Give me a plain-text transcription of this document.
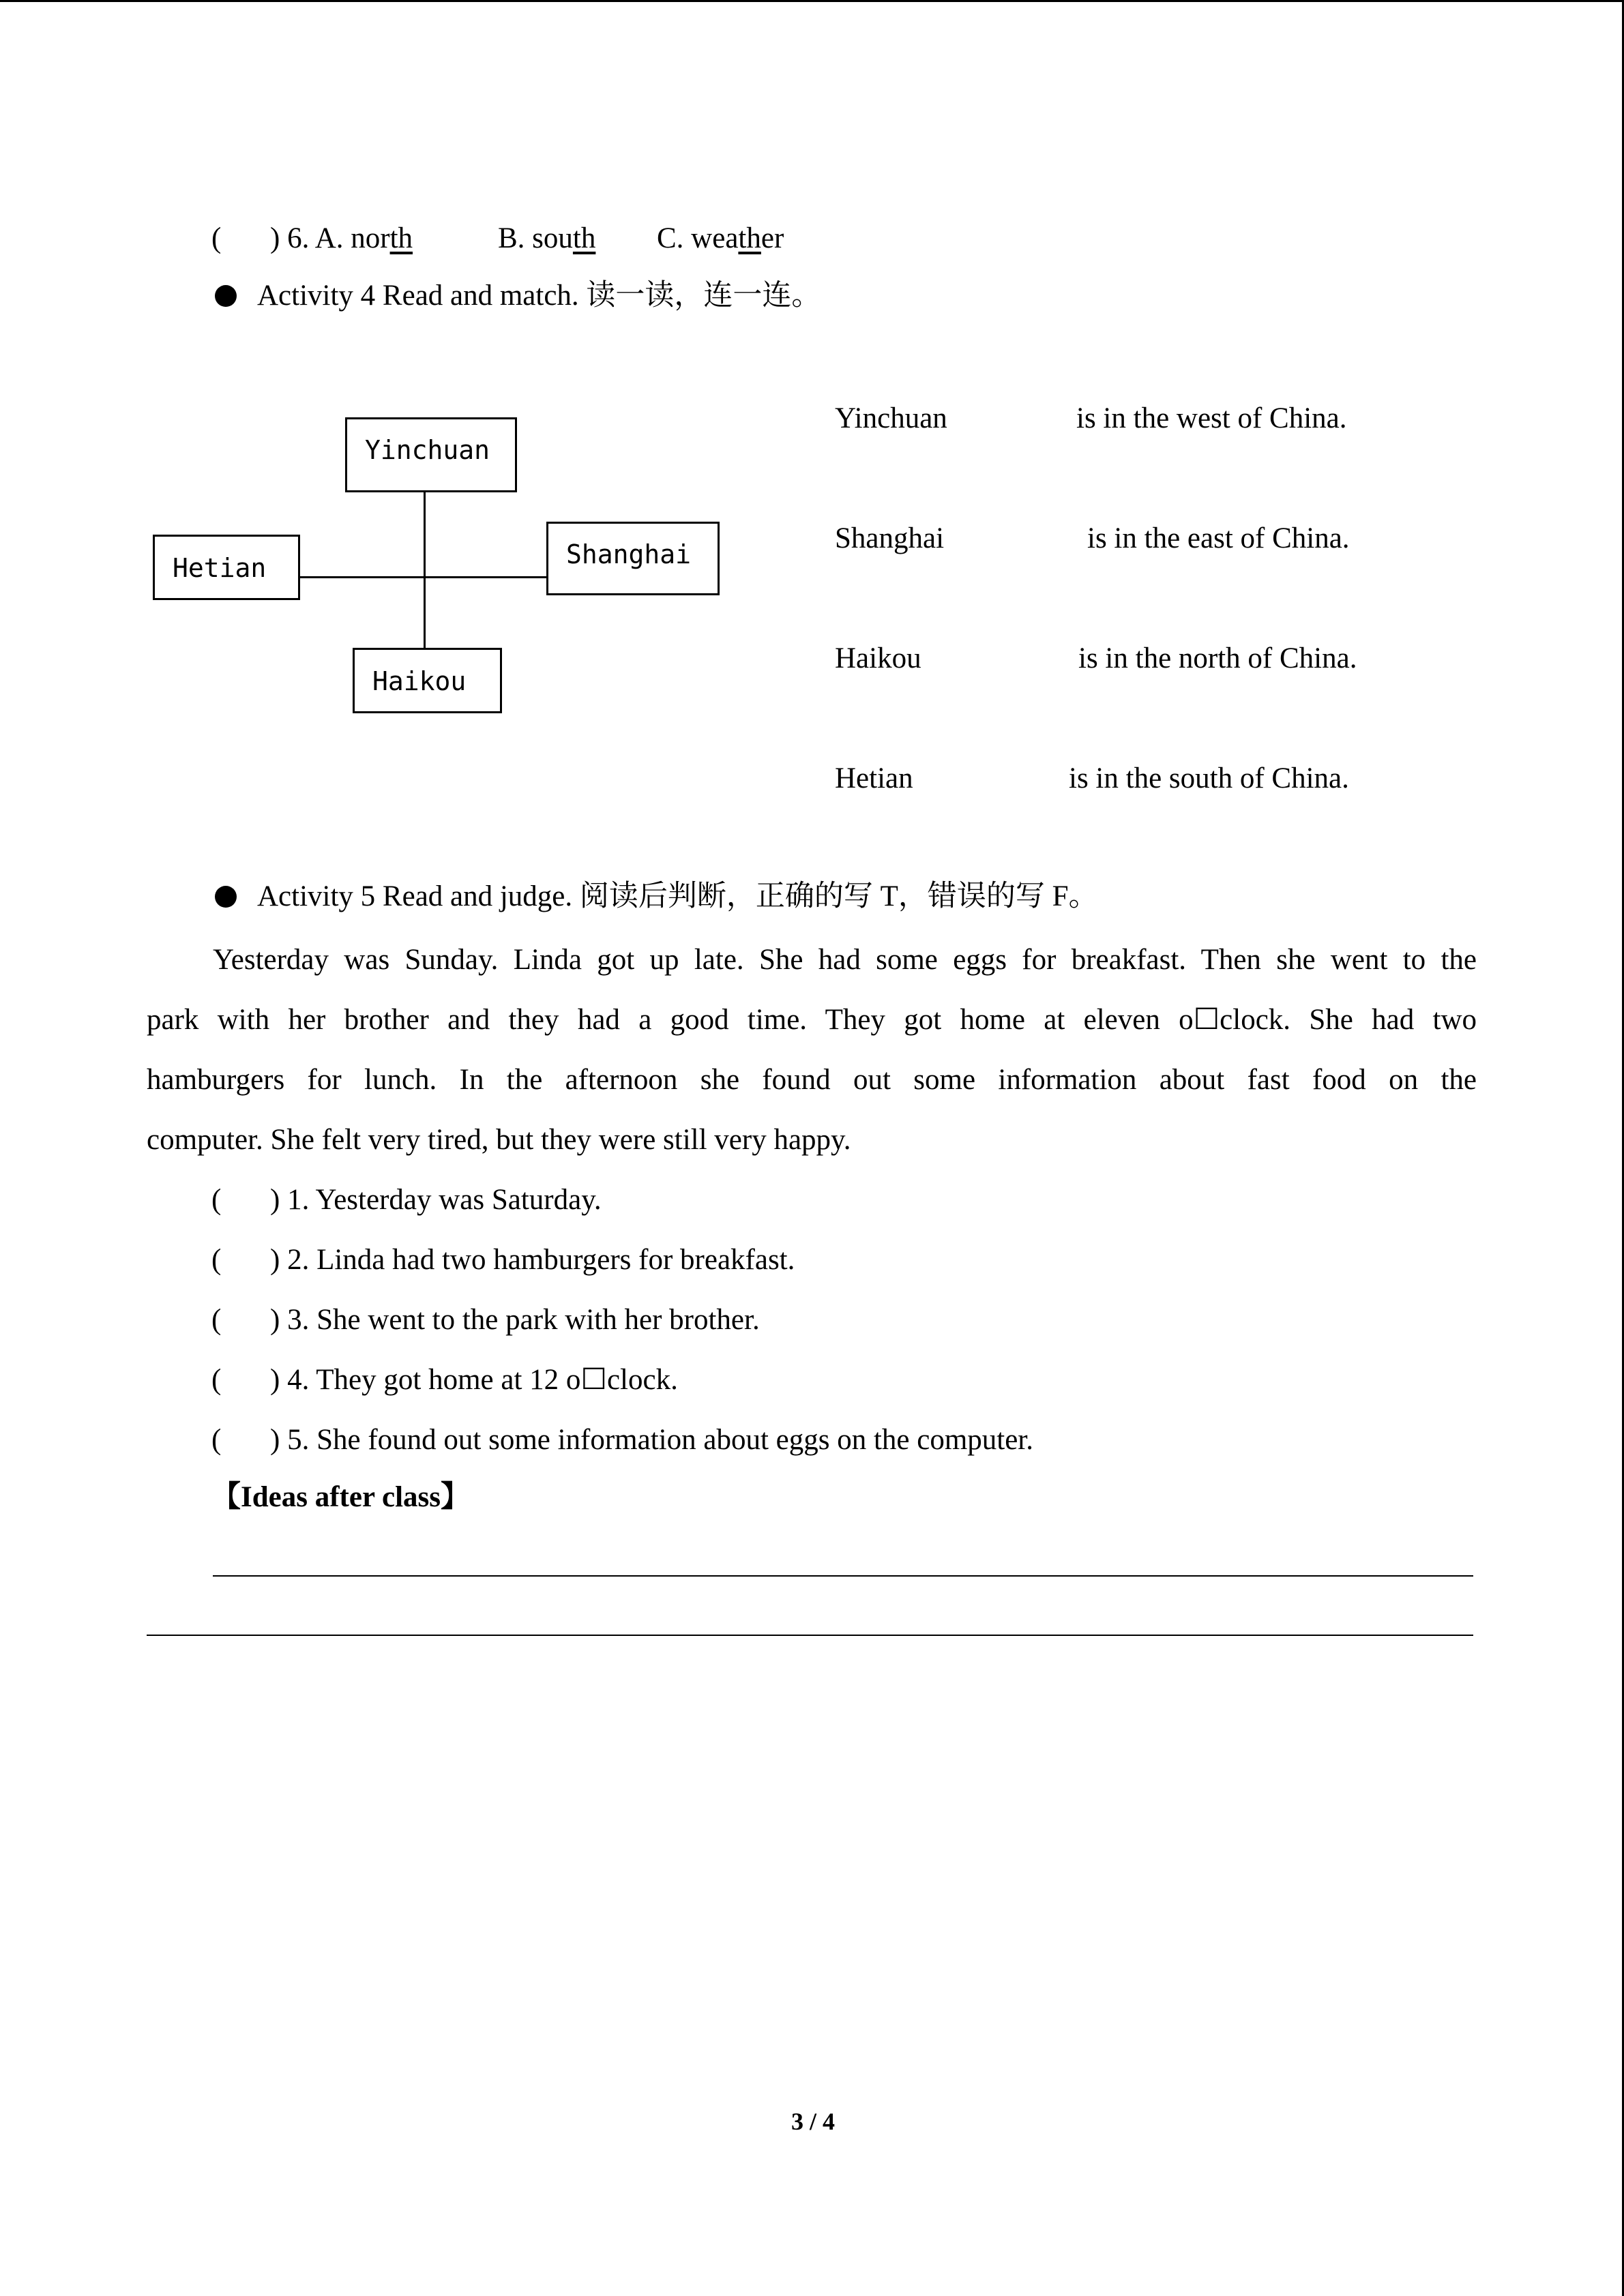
( ) 6. A. north	B. south C. weather
Activity 4 Read and match. 读一读，连一连。
Yinchuan
Hetian	Shanghai
Haikou
Yinchuan	is in the west of China.
Shanghai	is in the east of China.
Haikou	is in the north of China.
Hetian	is in the south of China.
Activity 5 Read and judge. 阅读后判断，正确的写 T，错误的写 F。
Yesterday was Sunday. Linda got up late. She had some eggs for breakfast. Then she went to the
park with her brother and they had a good time. They got home at eleven o☐clock. She had two
hamburgers for lunch. In the afternoon she found out some information about fast food on the
computer. She felt very tired, but they were still very happy.
( ) 1. Yesterday was Saturday.
( ) 2. Linda had two hamburgers for breakfast.
( ) 3. She went to the park with her brother.
( ) 4. They got home at 12 o☐clock.
( ) 5. She found out some information about eggs on the computer.
【Ideas after class】
3 / 4
